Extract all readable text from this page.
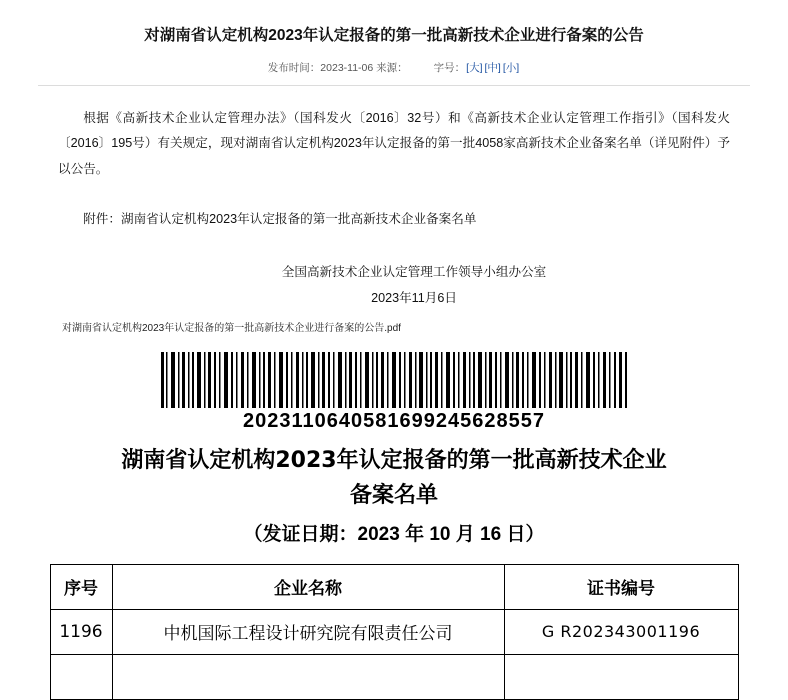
对湖南省认定机构2023年认定报备的第一批高新技术企业进行备案的公告
发布时间：2023-11-06 来源： 字号：[大] [中] [小]

根据《高新技术企业认定管理办法》（国科发火〔2016〕32号）和《高新技术企业认定管理工作指引》（国科发火〔2016〕195号）有关规定，现对湖南省认定机构2023年认定报备的第一批4058家高新技术企业备案名单（详见附件）予以公告。

附件：湖南省认定机构2023年认定报备的第一批高新技术企业备案名单
全国高新技术企业认定管理工作领导小组办公室
2023年11月6日
对湖南省认定机构2023年认定报备的第一批高新技术企业进行备案的公告.pdf
2023110640581699245628557
湖南省认定机构2023年认定报备的第一批高新技术企业
备案名单
（发证日期：2023 年 10 月 16 日）
序号	企业名称	证书编号
1196	中机国际工程设计研究院有限责任公司	G R202343001196
